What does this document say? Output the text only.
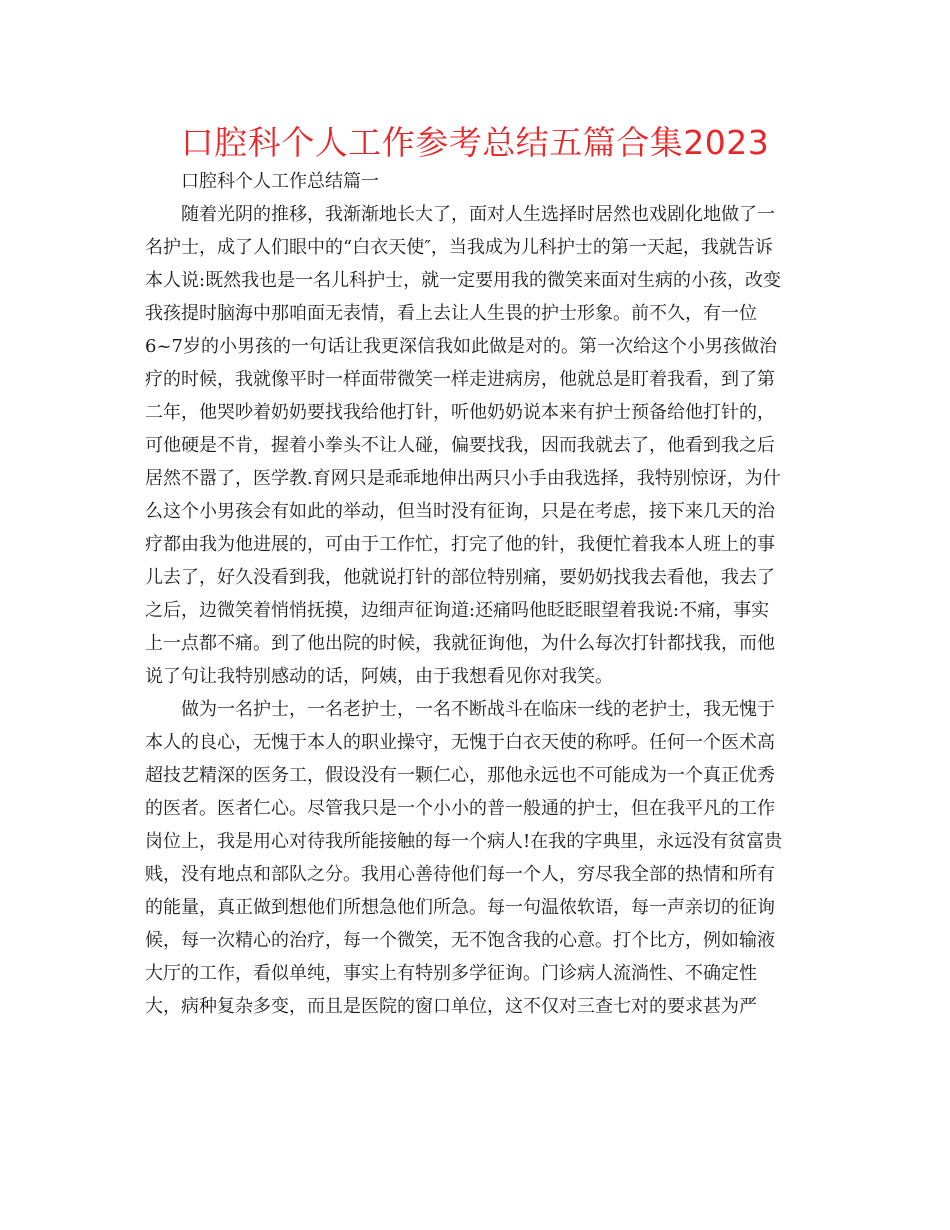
口腔科个人工作参考总结五篇合集2023

口腔科个人工作总结篇一

随着光阴的推移，我渐渐地长大了，面对人生选择时居然也戏剧化地做了一
名护士，成了人们眼中的“白衣天使″，当我成为儿科护士的第一天起，我就告诉
本人说:既然我也是一名儿科护士，就一定要用我的微笑来面对生病的小孩，改变
我孩提时脑海中那咱面无表情，看上去让人生畏的护士形象。前不久，有一位
6~7岁的小男孩的一句话让我更深信我如此做是对的。第一次给这个小男孩做治
疗的时候，我就像平时一样面带微笑一样走进病房，他就总是盯着我看，到了第
二年，他哭吵着奶奶要找我给他打针，听他奶奶说本来有护士预备给他打针的，
可他硬是不肯，握着小拳头不让人碰，偏要找我，因而我就去了，他看到我之后
居然不嚣了，医学教.育网只是乖乖地伸出两只小手由我选择，我特别惊讶，为什
么这个小男孩会有如此的举动，但当时没有征询，只是在考虑，接下来几天的治
疗都由我为他进展的，可由于工作忙，打完了他的针，我便忙着我本人班上的事
儿去了，好久没看到我，他就说打针的部位特别痛，要奶奶找我去看他，我去了
之后，边微笑着悄悄抚摸，边细声征询道:还痛吗他眨眨眼望着我说:不痛，事实
上一点都不痛。到了他出院的时候，我就征询他，为什么每次打针都找我，而他
说了句让我特别感动的话，阿姨，由于我想看见你对我笑。
做为一名护士，一名老护士，一名不断战斗在临床一线的老护士，我无愧于
本人的良心，无愧于本人的职业操守，无愧于白衣天使的称呼。任何一个医术高
超技艺精深的医务工，假设没有一颗仁心，那他永远也不可能成为一个真正优秀
的医者。医者仁心。尽管我只是一个小小的普一般通的护士，但在我平凡的工作
岗位上，我是用心对待我所能接触的每一个病人!在我的字典里，永远没有贫富贵
贱，没有地点和部队之分。我用心善待他们每一个人，穷尽我全部的热情和所有
的能量，真正做到想他们所想急他们所急。每一句温侬软语，每一声亲切的征询
候，每一次精心的治疗，每一个微笑，无不饱含我的心意。打个比方，例如输液
大厅的工作，看似单纯，事实上有特别多学征询。门诊病人流淌性、不确定性
大，病种复杂多变，而且是医院的窗口单位，这不仅对三查七对的要求甚为严
